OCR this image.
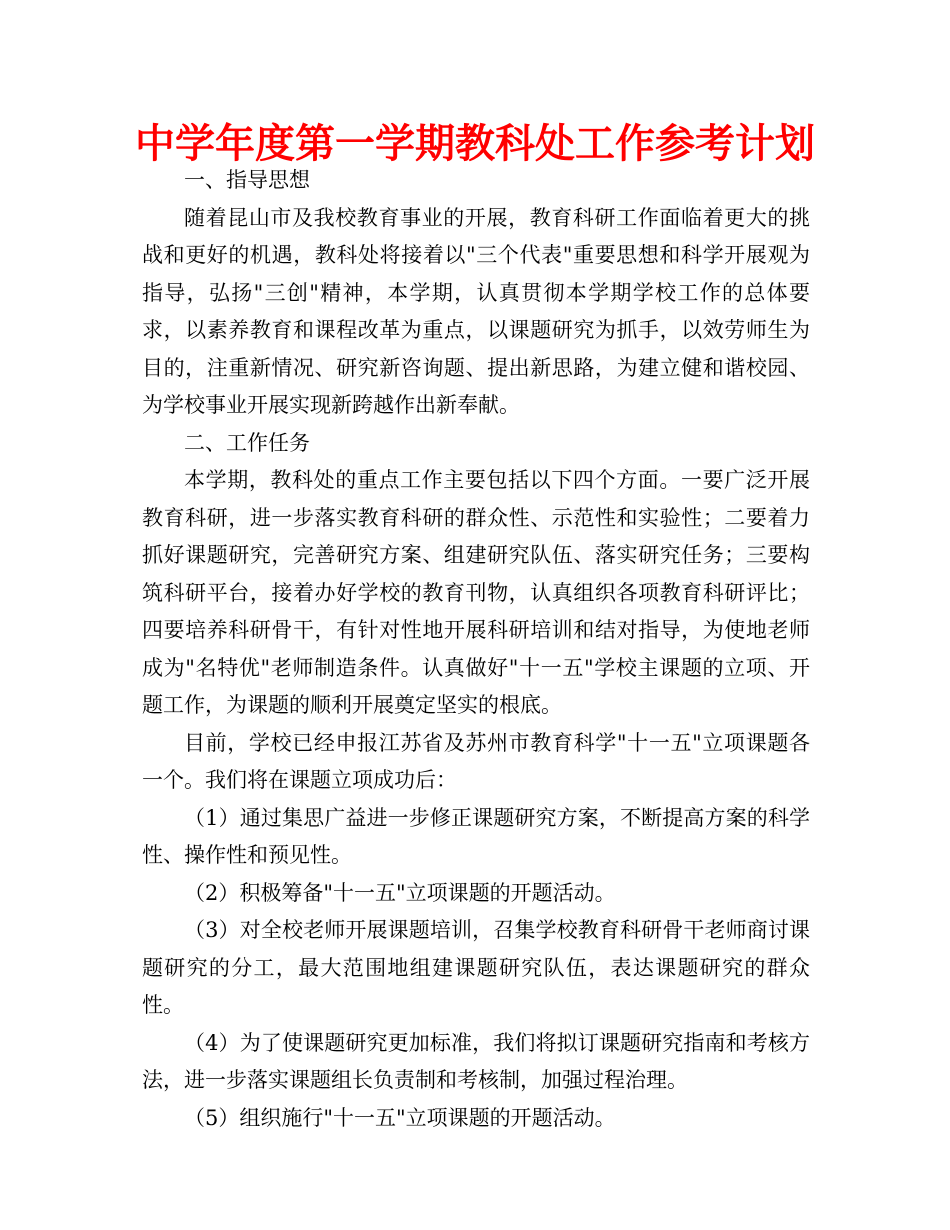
中学年度第一学期教科处工作参考计划

一、指导思想

随着昆山市及我校教育事业的开展，教育科研工作面临着更大的挑战和更好的机遇，教科处将接着以"三个代表"重要思想和科学开展观为指导，弘扬"三创"精神，本学期，认真贯彻本学期学校工作的总体要求，以素养教育和课程改革为重点，以课题研究为抓手，以效劳师生为目的，注重新情况、研究新咨询题、提出新思路，为建立健和谐校园、为学校事业开展实现新跨越作出新奉献。

二、工作任务

本学期，教科处的重点工作主要包括以下四个方面。一要广泛开展教育科研，进一步落实教育科研的群众性、示范性和实验性；二要着力抓好课题研究，完善研究方案、组建研究队伍、落实研究任务；三要构筑科研平台，接着办好学校的教育刊物，认真组织各项教育科研评比；四要培养科研骨干，有针对性地开展科研培训和结对指导，为使地老师成为"名特优"老师制造条件。认真做好"十一五"学校主课题的立项、开题工作，为课题的顺利开展奠定坚实的根底。

目前，学校已经申报江苏省及苏州市教育科学"十一五"立项课题各一个。我们将在课题立项成功后：

（1）通过集思广益进一步修正课题研究方案，不断提高方案的科学性、操作性和预见性。

（2）积极筹备"十一五"立项课题的开题活动。

（3）对全校老师开展课题培训，召集学校教育科研骨干老师商讨课题研究的分工，最大范围地组建课题研究队伍，表达课题研究的群众性。

（4）为了使课题研究更加标准，我们将拟订课题研究指南和考核方法，进一步落实课题组长负责制和考核制，加强过程治理。

（5）组织施行"十一五"立项课题的开题活动。
